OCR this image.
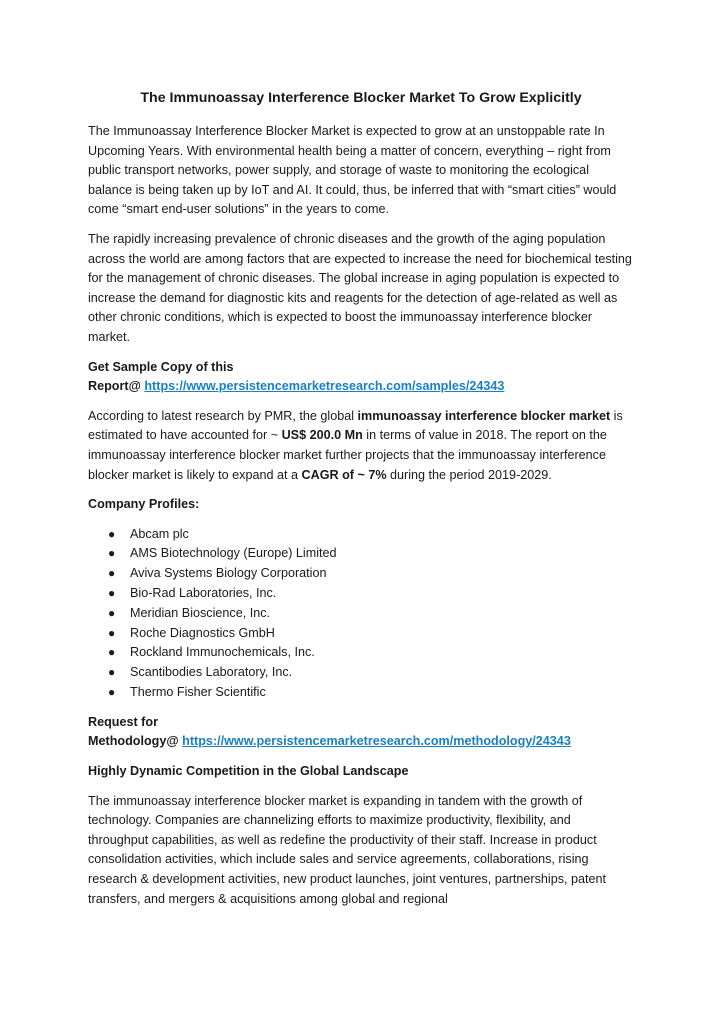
The Immunoassay Interference Blocker Market To Grow Explicitly

The Immunoassay Interference Blocker Market is expected to grow at an unstoppable rate In Upcoming Years. With environmental health being a matter of concern, everything – right from public transport networks, power supply, and storage of waste to monitoring the ecological balance is being taken up by IoT and AI. It could, thus, be inferred that with “smart cities” would come “smart end-user solutions” in the years to come.

The rapidly increasing prevalence of chronic diseases and the growth of the aging population across the world are among factors that are expected to increase the need for biochemical testing for the management of chronic diseases. The global increase in aging population is expected to increase the demand for diagnostic kits and reagents for the detection of age-related as well as other chronic conditions, which is expected to boost the immunoassay interference blocker market.

Get Sample Copy of this
Report@ https://www.persistencemarketresearch.com/samples/24343

According to latest research by PMR, the global immunoassay interference blocker market is estimated to have accounted for ~ US$ 200.0 Mn in terms of value in 2018. The report on the immunoassay interference blocker market further projects that the immunoassay interference blocker market is likely to expand at a CAGR of ~ 7% during the period 2019-2029.

Company Profiles:

● Abcam plc
● AMS Biotechnology (Europe) Limited
● Aviva Systems Biology Corporation
● Bio-Rad Laboratories, Inc.
● Meridian Bioscience, Inc.
● Roche Diagnostics GmbH
● Rockland Immunochemicals, Inc.
● Scantibodies Laboratory, Inc.
● Thermo Fisher Scientific

Request for
Methodology@ https://www.persistencemarketresearch.com/methodology/24343

Highly Dynamic Competition in the Global Landscape

The immunoassay interference blocker market is expanding in tandem with the growth of technology. Companies are channelizing efforts to maximize productivity, flexibility, and throughput capabilities, as well as redefine the productivity of their staff. Increase in product consolidation activities, which include sales and service agreements, collaborations, rising research & development activities, new product launches, joint ventures, partnerships, patent transfers, and mergers & acquisitions among global and regional
